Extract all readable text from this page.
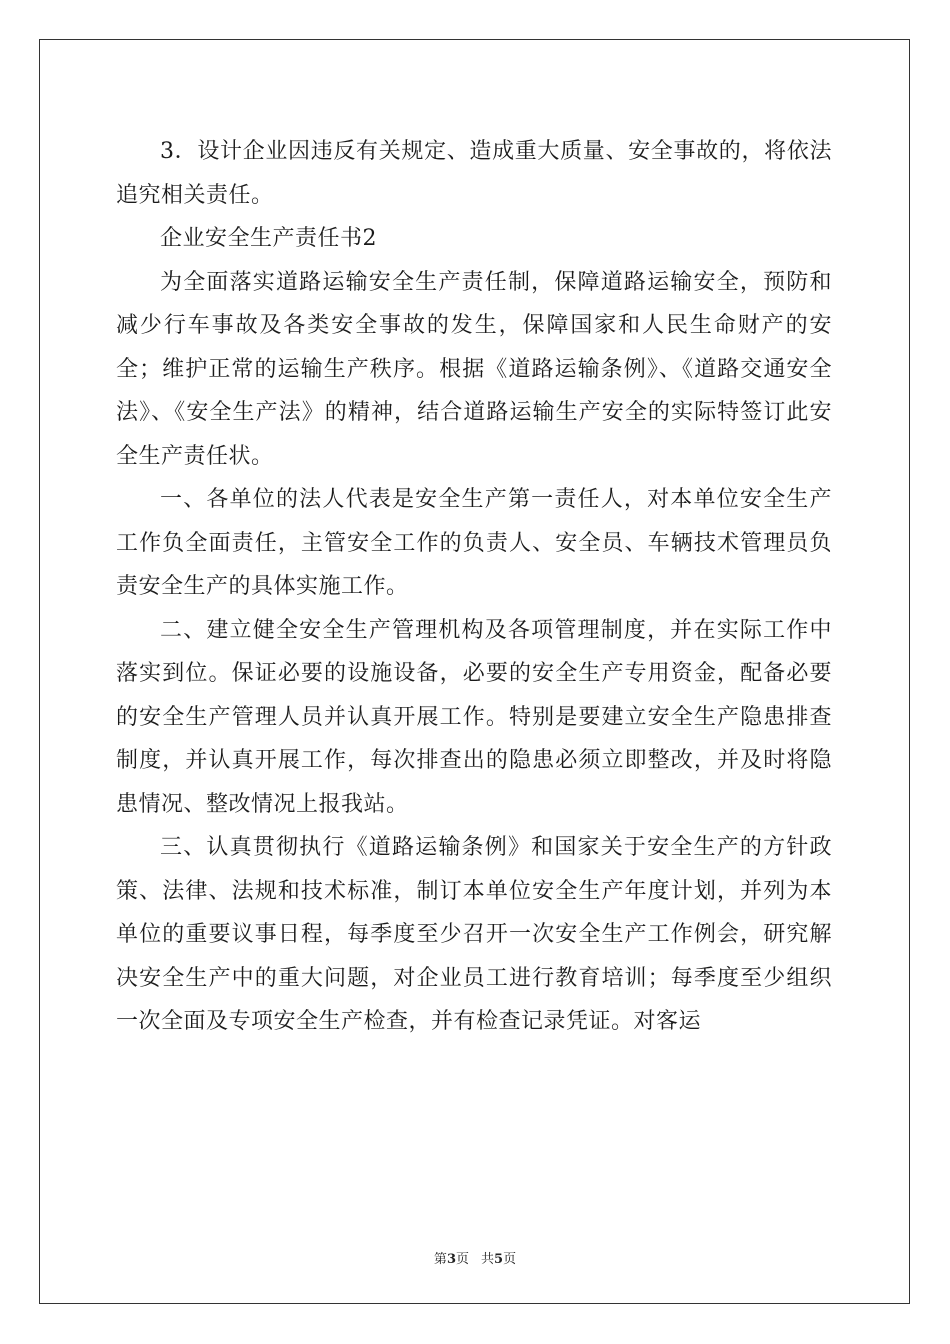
3．设计企业因违反有关规定、造成重大质量、安全事故的，将依法追究相关责任。

企业安全生产责任书2

为全面落实道路运输安全生产责任制，保障道路运输安全，预防和减少行车事故及各类安全事故的发生，保障国家和人民生命财产的安全；维护正常的运输生产秩序。根据《道路运输条例》、《道路交通安全法》、《安全生产法》的精神，结合道路运输生产安全的实际特签订此安全生产责任状。

一、各单位的法人代表是安全生产第一责任人，对本单位安全生产工作负全面责任，主管安全工作的负责人、安全员、车辆技术管理员负责安全生产的具体实施工作。

二、建立健全安全生产管理机构及各项管理制度，并在实际工作中落实到位。保证必要的设施设备，必要的安全生产专用资金，配备必要的安全生产管理人员并认真开展工作。特别是要建立安全生产隐患排查制度，并认真开展工作，每次排查出的隐患必须立即整改，并及时将隐患情况、整改情况上报我站。

三、认真贯彻执行《道路运输条例》和国家关于安全生产的方针政策、法律、法规和技术标准，制订本单位安全生产年度计划，并列为本单位的重要议事日程，每季度至少召开一次安全生产工作例会，研究解决安全生产中的重大问题，对企业员工进行教育培训；每季度至少组织一次全面及专项安全生产检查，并有检查记录凭证。对客运

第3页 共5页
